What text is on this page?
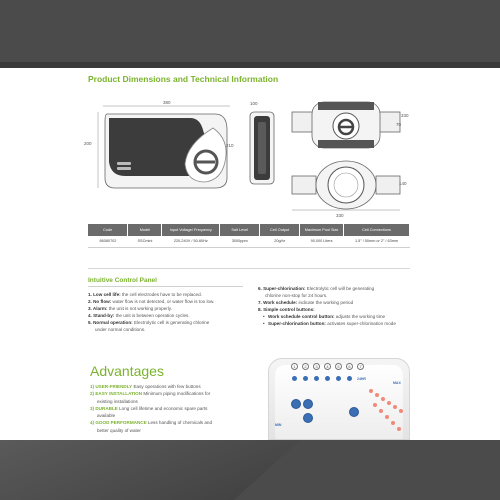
Product Dimensions and Technical Information
380
200
100
210
330
70
140
330
Code	Model	Input Voltage/ Frequency	Salt Level	Cell Output	Maximum Pool Size	Cell Connections
86080702	SSCmini	220-240V / 50-60Hz	3000ppm	20g/hr	90,000 Liters	1.5" / 50mm or 2" / 63mm
Intuitive Control Panel
1. Low cell life: the cell electrodes have to be replaced.
2. No flow: water flow is not detected, or water flow is too low.
3. Alarm: the unit is not working properly.
4. Stand-by: the unit is between operation cycles.
5. Normal operation: Electrolytic cell is generating chlorine
under normal conditions.
6. Super-chlorination: Electrolytic cell will be generating
chlorine non-stop for 24 hours.
7. Work schedule: indicate the working period
8. Simple control buttons:
• Work schedule control button: adjusts the working time
• Super-chlorination button: activates super-chlorination mode
Advantages
1) USER-FRIENDLY Easy operations with few buttons
2) EASY INSTALLATION Minimum piping modifications for
existing installations
3) DURABLE Long cell lifetime and economic spare parts
available
4) GOOD PERFORMANCE Less handling of chemicals and
better quality of water
1	2	3	4	5	6	7
24HR
MAX
MIN
